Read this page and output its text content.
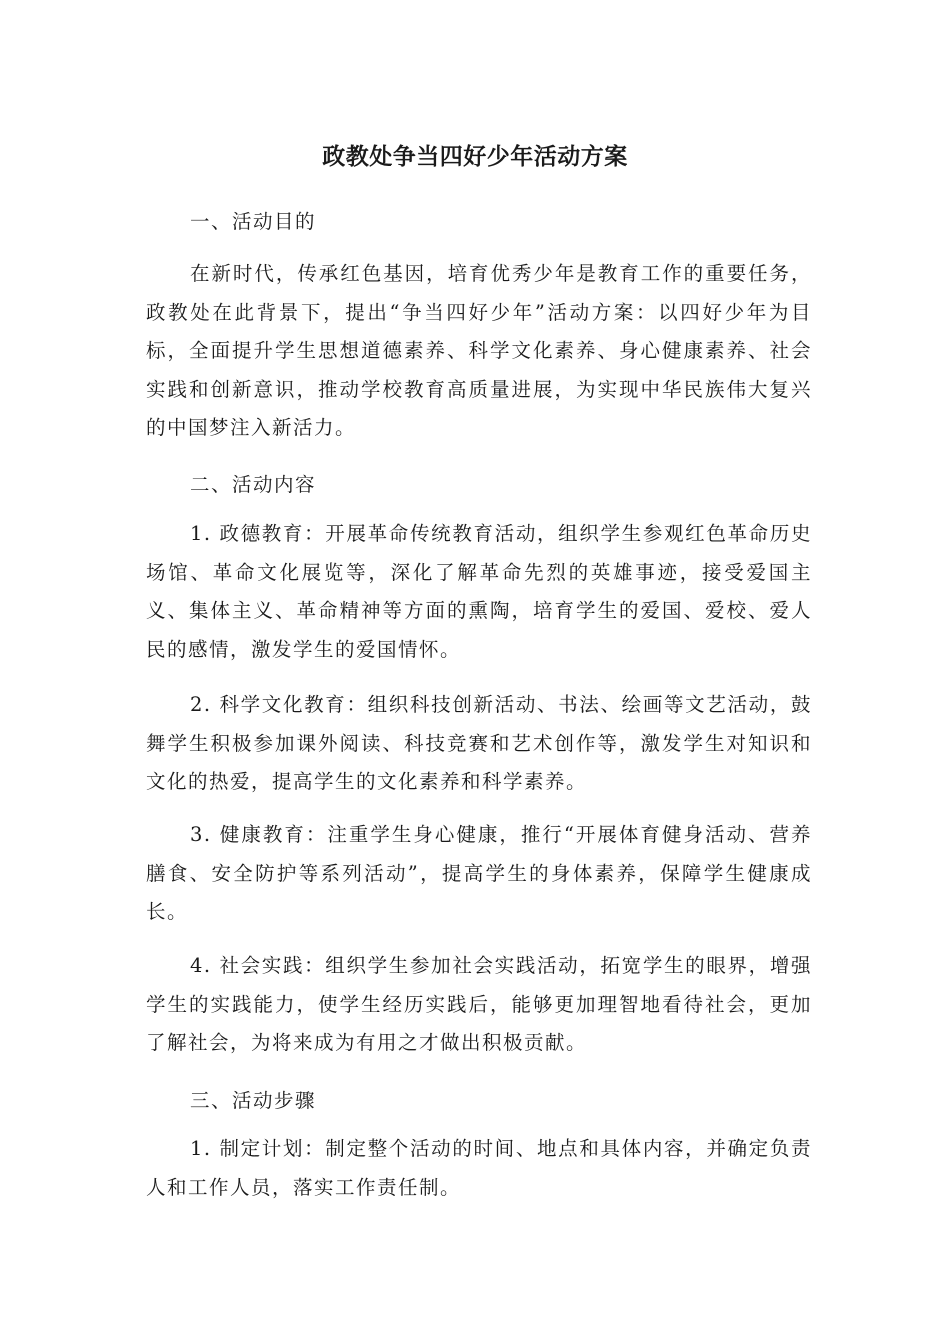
政教处争当四好少年活动方案
一、活动目的

在新时代，传承红色基因，培育优秀少年是教育工作的重要任务，政教处在此背景下，提出“争当四好少年”活动方案：以四好少年为目标，全面提升学生思想道德素养、科学文化素养、身心健康素养、社会实践和创新意识，推动学校教育高质量进展，为实现中华民族伟大复兴的中国梦注入新活力。

二、活动内容

1. 政德教育：开展革命传统教育活动，组织学生参观红色革命历史场馆、革命文化展览等，深化了解革命先烈的英雄事迹，接受爱国主义、集体主义、革命精神等方面的熏陶，培育学生的爱国、爱校、爱人民的感情，激发学生的爱国情怀。

2. 科学文化教育：组织科技创新活动、书法、绘画等文艺活动，鼓舞学生积极参加课外阅读、科技竞赛和艺术创作等，激发学生对知识和文化的热爱，提高学生的文化素养和科学素养。

3. 健康教育：注重学生身心健康，推行“开展体育健身活动、营养膳食、安全防护等系列活动”，提高学生的身体素养，保障学生健康成长。

4. 社会实践：组织学生参加社会实践活动，拓宽学生的眼界，增强学生的实践能力，使学生经历实践后，能够更加理智地看待社会，更加了解社会，为将来成为有用之才做出积极贡献。

三、活动步骤

1. 制定计划：制定整个活动的时间、地点和具体内容，并确定负责人和工作人员，落实工作责任制。
